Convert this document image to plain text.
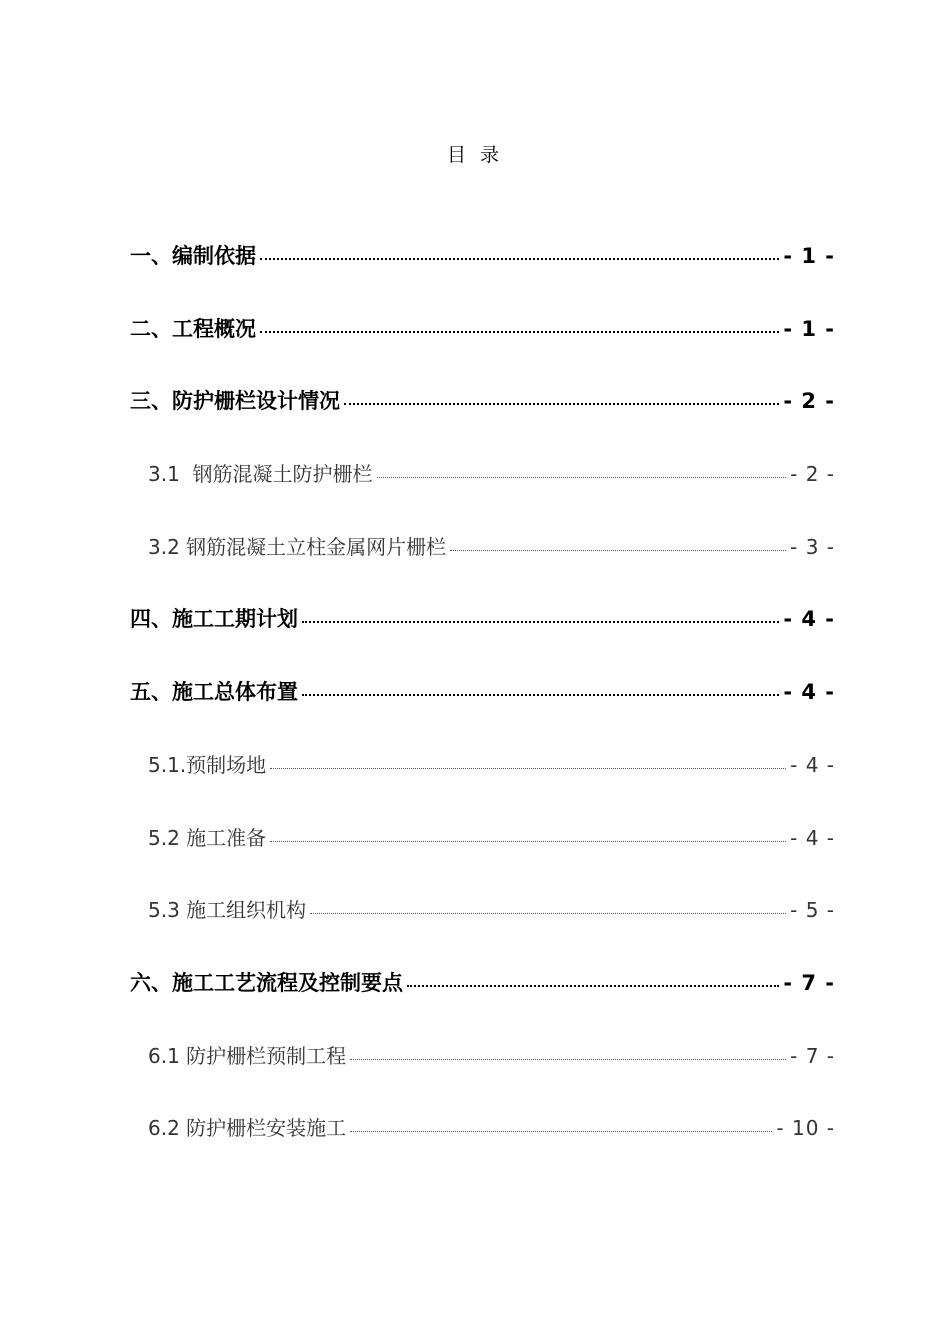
目 录
一、编制依据	- 1 -
二、工程概况	- 1 -
三、防护栅栏设计情况	- 2 -
3.1  钢筋混凝土防护栅栏	- 2 -
3.2 钢筋混凝土立柱金属网片栅栏	- 3 -
四、施工工期计划	- 4 -
五、施工总体布置	- 4 -
5.1.预制场地	- 4 -
5.2 施工准备	- 4 -
5.3 施工组织机构	- 5 -
六、施工工艺流程及控制要点	- 7 -
6.1 防护栅栏预制工程	- 7 -
6.2 防护栅栏安装施工	- 10 -
